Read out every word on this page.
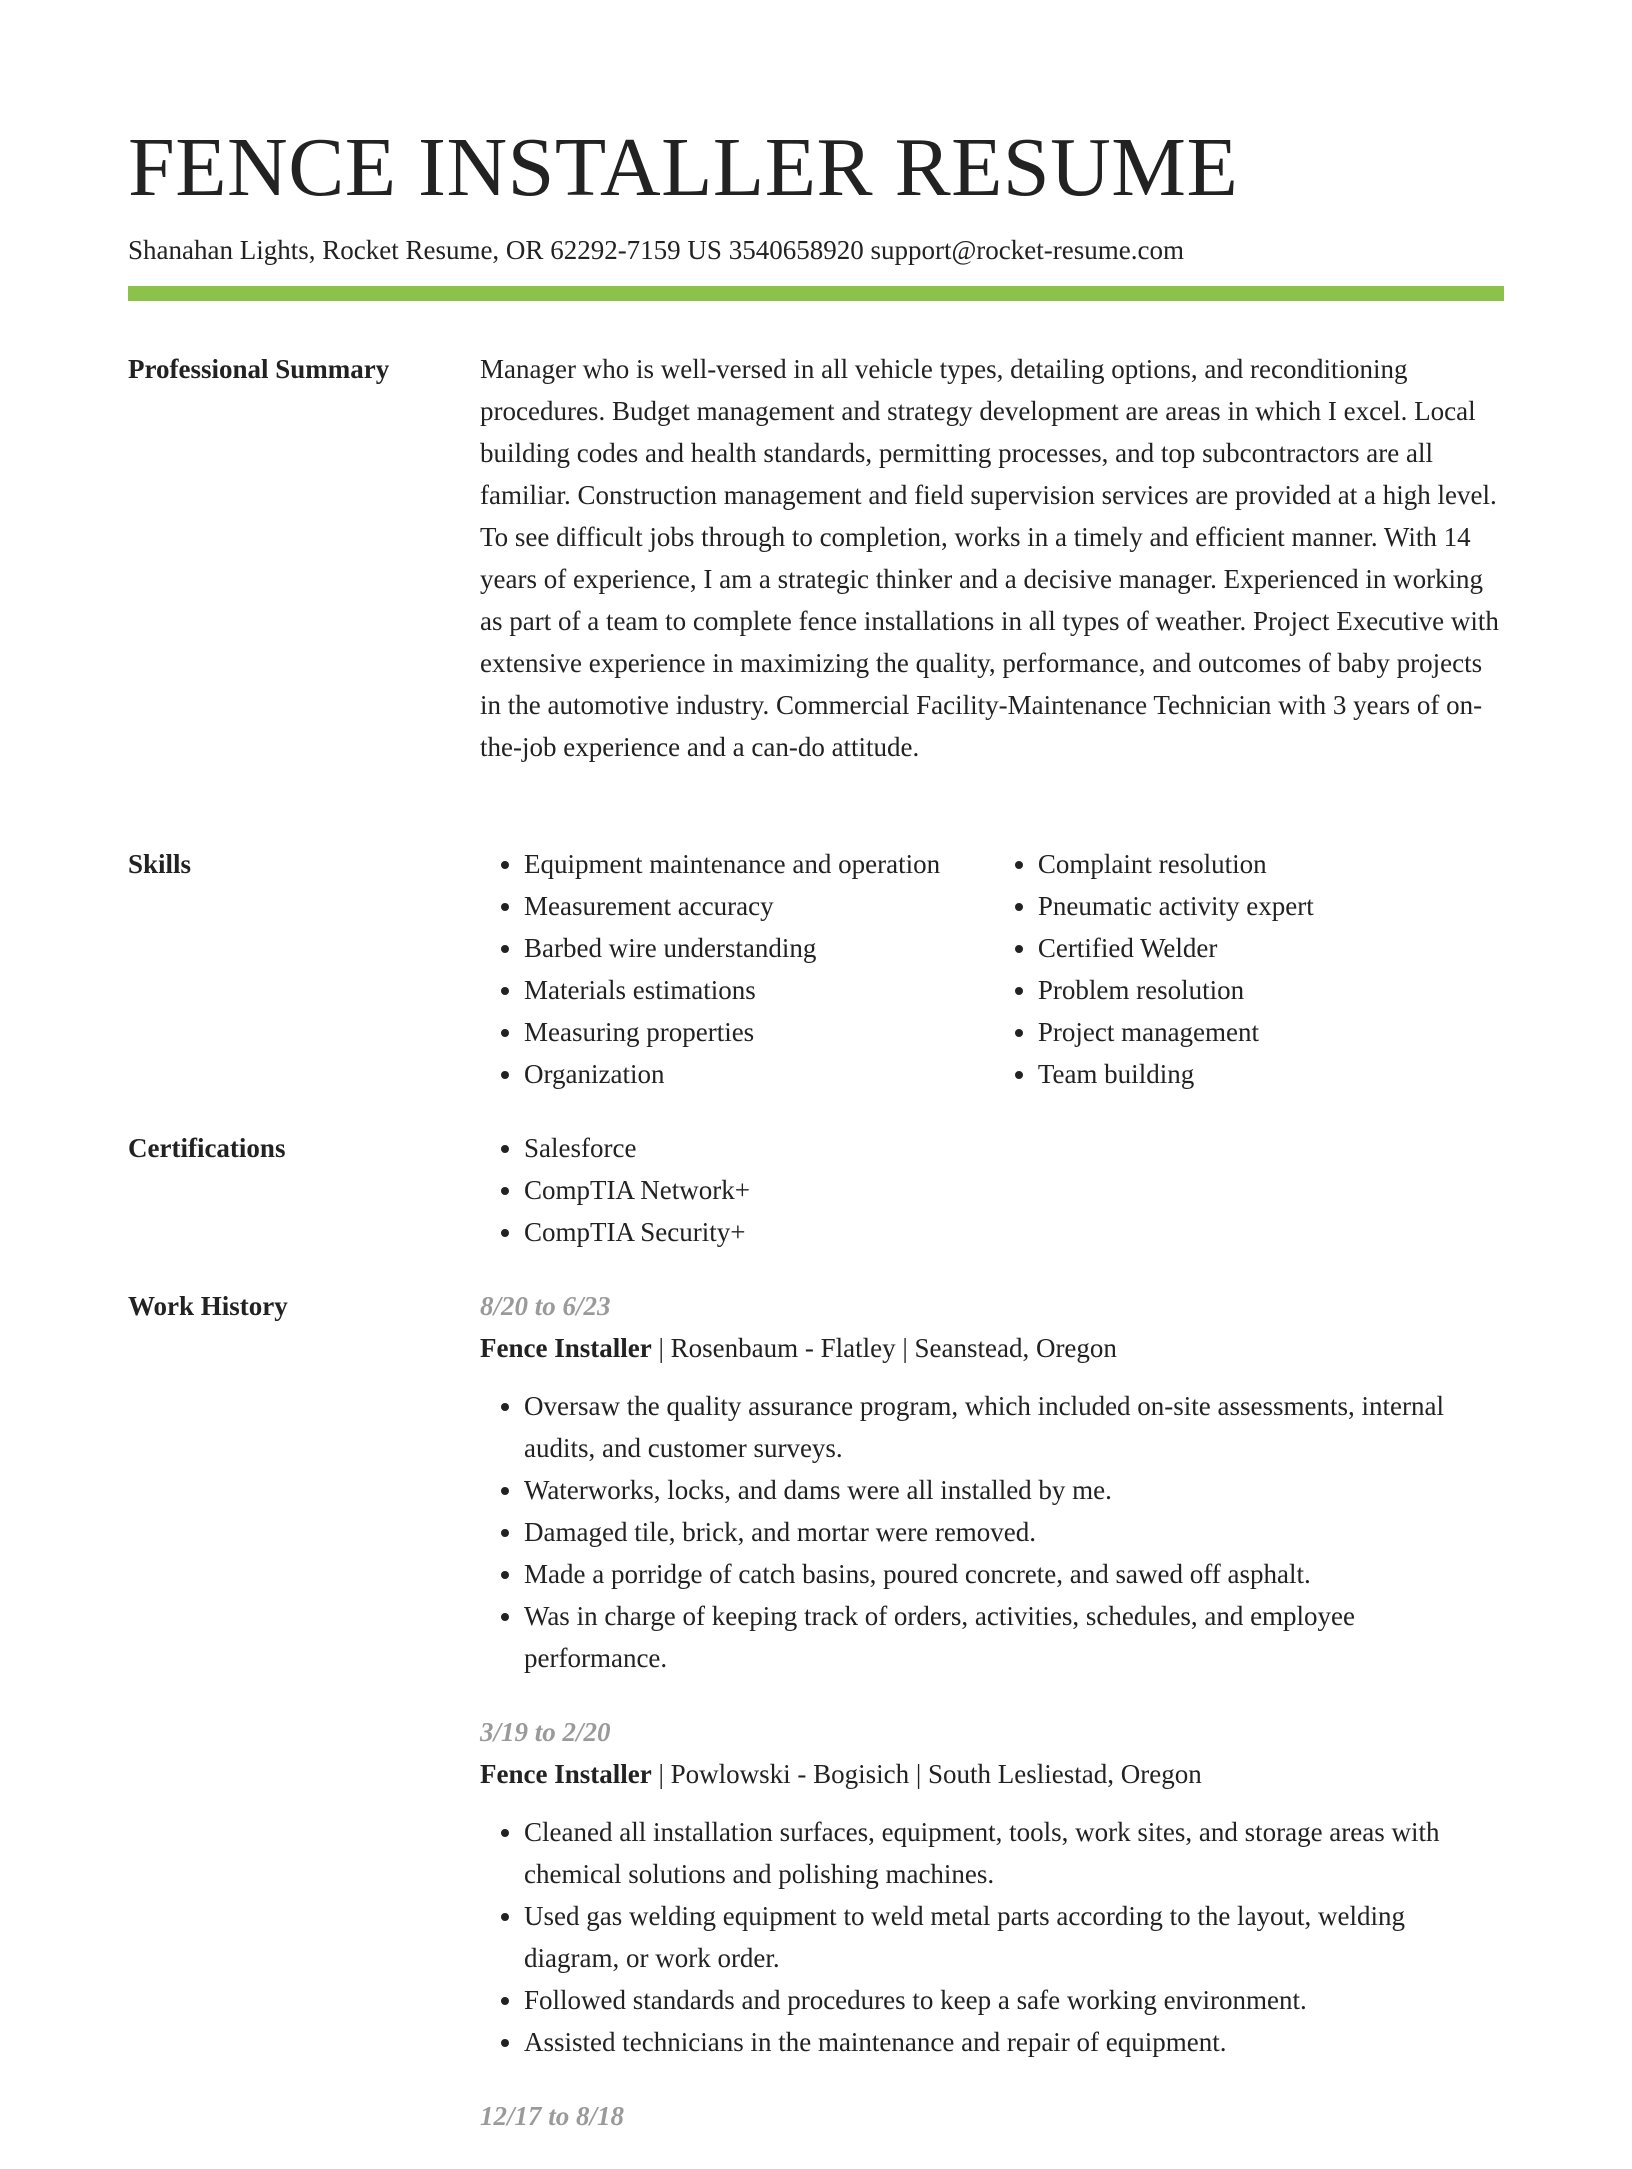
FENCE INSTALLER RESUME
Shanahan Lights, Rocket Resume, OR 62292-7159 US 3540658920 support@rocket-resume.com
Professional Summary	Manager who is well-versed in all vehicle types, detailing options, and reconditioning procedures. Budget management and strategy development are areas in which I excel. Local building codes and health standards, permitting processes, and top subcontractors are all familiar. Construction management and field supervision services are provided at a high level. To see difficult jobs through to completion, works in a timely and efficient manner. With 14 years of experience, I am a strategic thinker and a decisive manager. Experienced in working as part of a team to complete fence installations in all types of weather. Project Executive with extensive experience in maximizing the quality, performance, and outcomes of baby projects in the automotive industry. Commercial Facility-Maintenance Technician with 3 years of on-the-job experience and a can-do attitude.

Skills	• Equipment maintenance and operation
• Measurement accuracy
• Barbed wire understanding
• Materials estimations
• Measuring properties
• Organization
• Complaint resolution
• Pneumatic activity expert
• Certified Welder
• Problem resolution
• Project management
• Team building
Certifications	• Salesforce
• CompTIA Network+
• CompTIA Security+
Work History	8/20 to 6/23
Fence Installer | Rosenbaum - Flatley | Seanstead, Oregon
• Oversaw the quality assurance program, which included on-site assessments, internal audits, and customer surveys.
• Waterworks, locks, and dams were all installed by me.
• Damaged tile, brick, and mortar were removed.
• Made a porridge of catch basins, poured concrete, and sawed off asphalt.
• Was in charge of keeping track of orders, activities, schedules, and employee performance.
3/19 to 2/20
Fence Installer | Powlowski - Bogisich | South Lesliestad, Oregon
• Cleaned all installation surfaces, equipment, tools, work sites, and storage areas with chemical solutions and polishing machines.
• Used gas welding equipment to weld metal parts according to the layout, welding diagram, or work order.
• Followed standards and procedures to keep a safe working environment.
• Assisted technicians in the maintenance and repair of equipment.
12/17 to 8/18
